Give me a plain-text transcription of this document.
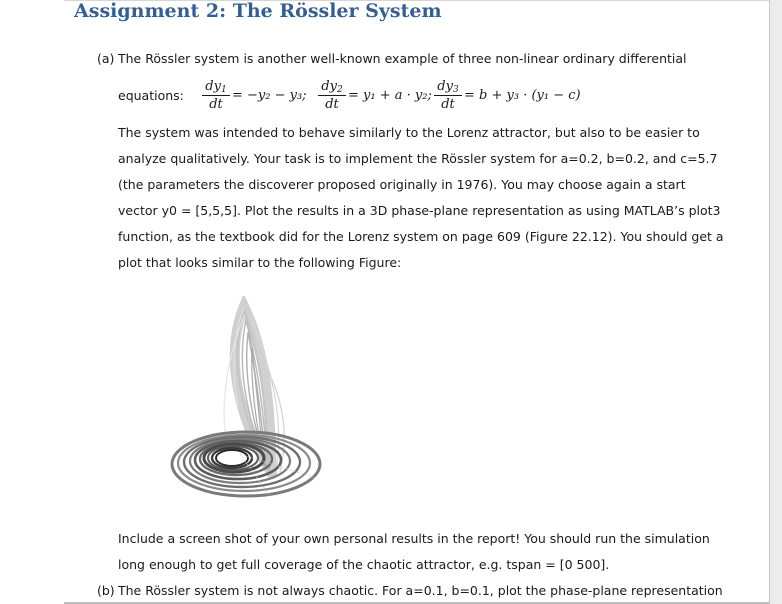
Assignment 2: The Rössler System
(a) The Rössler system is another well-known example of three non-linear ordinary differential
equations: $\frac{dy_1}{dt} = -y_2 - y_3$; $\frac{dy_2}{dt} = y_1 + a \cdot y_2$; $\frac{dy_3}{dt} = b + y_3 \cdot (y_1 - c)$
The system was intended to behave similarly to the Lorenz attractor, but also to be easier to
analyze qualitatively. Your task is to implement the Rössler system for a=0.2, b=0.2, and c=5.7
(the parameters the discoverer proposed originally in 1976). You may choose again a start
vector y0 = [5,5,5]. Plot the results in a 3D phase-plane representation as using MATLAB’s plot3
function, as the textbook did for the Lorenz system on page 609 (Figure 22.12). You should get a
plot that looks similar to the following Figure:
Include a screen shot of your own personal results in the report! You should run the simulation
long enough to get full coverage of the chaotic attractor, e.g. tspan = [0 500].
(b) The Rössler system is not always chaotic. For a=0.1, b=0.1, plot the phase-plane representation
